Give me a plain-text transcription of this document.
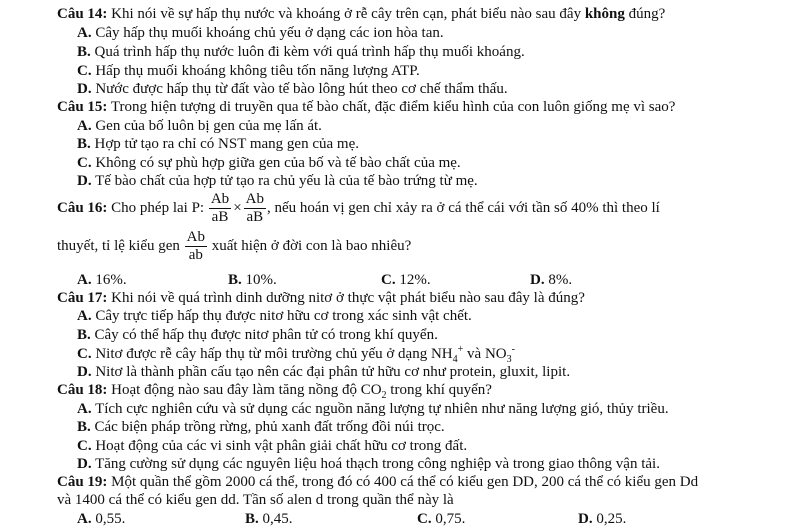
Câu 14: Khi nói về sự hấp thụ nước và khoáng ở rễ cây trên cạn, phát biểu nào sau đây không đúng?
A. Cây hấp thụ muối khoáng chủ yếu ở dạng các ion hòa tan.
B. Quá trình hấp thụ nước luôn đi kèm với quá trình hấp thụ muối khoáng.
C. Hấp thụ muối khoáng không tiêu tốn năng lượng ATP.
D. Nước được hấp thụ từ đất vào tế bào lông hút theo cơ chế thẩm thấu.
Câu 15: Trong hiện tượng di truyền qua tế bào chất, đặc điểm kiểu hình của con luôn giống mẹ vì sao?
A. Gen của bố luôn bị gen của mẹ lấn át.
B. Hợp tử tạo ra chỉ có NST mang gen của mẹ.
C. Không có sự phù hợp giữa gen của bố và tế bào chất của mẹ.
D. Tế bào chất của hợp tử tạo ra chủ yếu là của tế bào trứng từ mẹ.
Câu 16: Cho phép lai P: $\frac{Ab}{aB} \times \frac{Ab}{aB}$ , nếu hoán vị gen chỉ xảy ra ở cá thể cái với tần số 40% thì theo lí
thuyết, tỉ lệ kiểu gen $\frac{Ab}{ab}$ xuất hiện ở đời con là bao nhiêu?
A. 16%.	B. 10%.	C. 12%.	D. 8%.
Câu 17: Khi nói về quá trình dinh dưỡng nitơ ở thực vật phát biểu nào sau đây là đúng?
A. Cây trực tiếp hấp thụ được nitơ hữu cơ trong xác sinh vật chết.
B. Cây có thể hấp thụ được nitơ phân tử có trong khí quyển.
C. Nitơ được rễ cây hấp thụ từ môi trường chủ yếu ở dạng $NH_4^+$ và $NO_3^-$
D. Nitơ là thành phần cấu tạo nên các đại phân tử hữu cơ như protein, gluxit, lipit.
Câu 18: Hoạt động nào sau đây làm tăng nồng độ $CO_2$ trong khí quyển?
A. Tích cực nghiên cứu và sử dụng các nguồn năng lượng tự nhiên như năng lượng gió, thủy triều.
B. Các biện pháp trồng rừng, phủ xanh đất trống đồi núi trọc.
C. Hoạt động của các vi sinh vật phân giải chất hữu cơ trong đất.
D. Tăng cường sử dụng các nguyên liệu hoá thạch trong công nghiệp và trong giao thông vận tải.
Câu 19: Một quần thể gồm 2000 cá thể, trong đó có 400 cá thể có kiểu gen DD, 200 cá thể có kiểu gen Dd
và 1400 cá thể có kiểu gen dd. Tần số alen d trong quần thể này là
A. 0,55.	B. 0,45.	C. 0,75.	D. 0,25.
